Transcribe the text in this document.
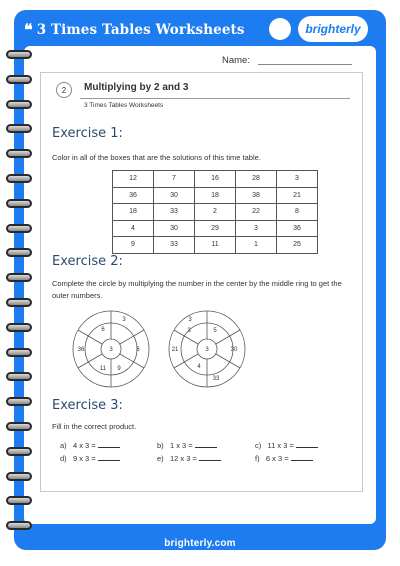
❝ 3 Times Tables Worksheets	brighterly
Name:
2	Multiplying by 2 and 3
3 Times Tables Worksheets
Exercise 1:
Color in all of the boxes that are the solutions of this time table.
12	7	16	28	3
36	30	18	38	21
18	33	2	22	8
4	30	29	3	36
9	33	11	1	25
Exercise 2:
Complete the circle by multiplying the number in the center by the middle ring to get the outer numbers.
3
3
6
36
11 9
6	3
3
3	5
21
4
30
33
Exercise 3:
Fill in the correct product.
a) 4 x 3 =	b) 1 x 3 =	c) 11 x 3 =
d) 9 x 3 =	e) 12 x 3 =	f) 6 x 3 =
brighterly.com
